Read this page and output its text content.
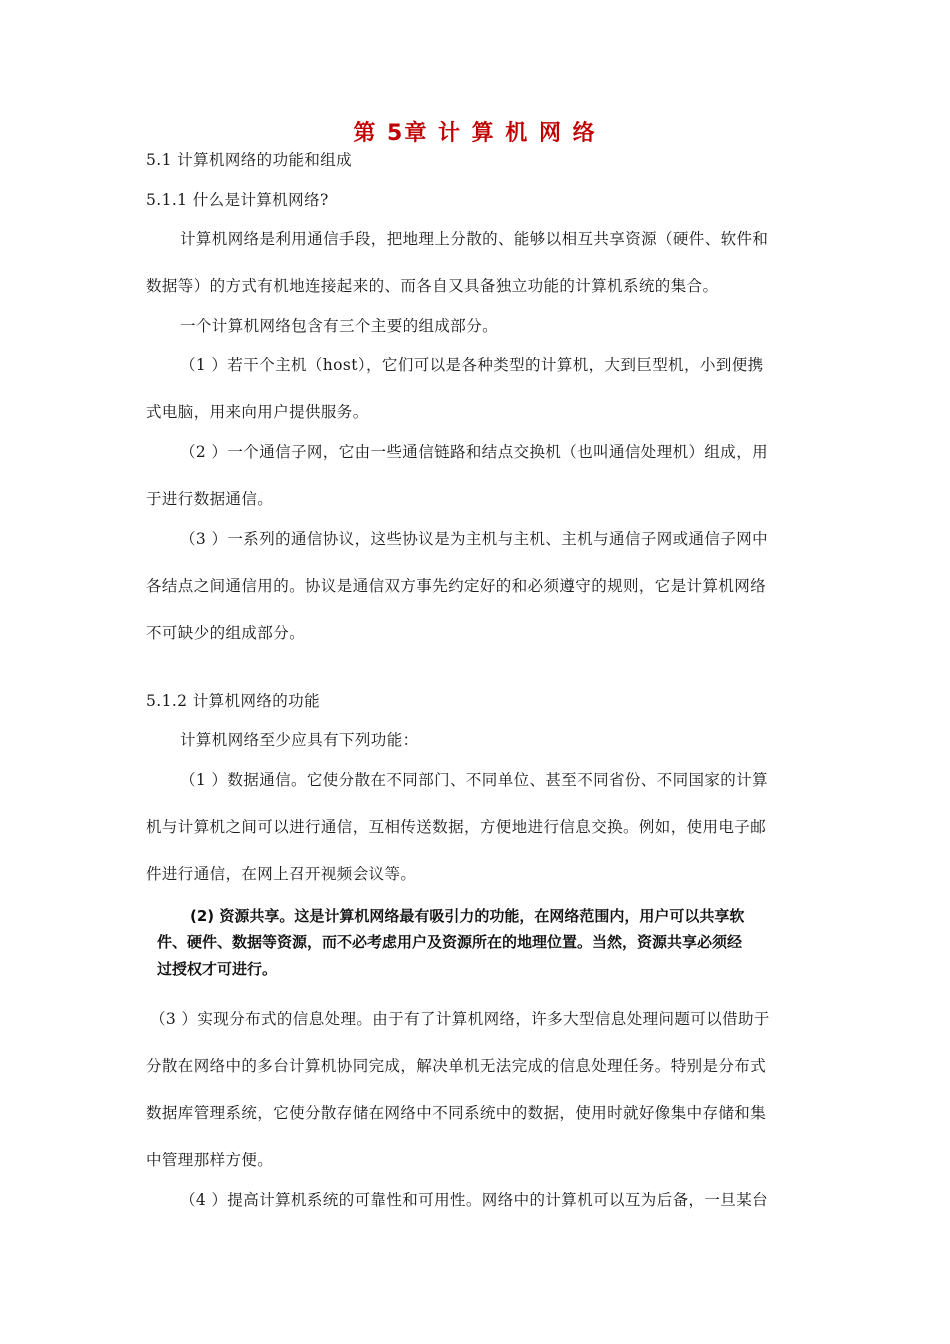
第 5章 计 算 机 网 络
5.1 计算机网络的功能和组成
5.1.1 什么是计算机网络?
计算机网络是利用通信手段，把地理上分散的、能够以相互共享资源（硬件、软件和
数据等）的方式有机地连接起来的、而各自又具备独立功能的计算机系统的集合。
一个计算机网络包含有三个主要的组成部分。
（1 ）若干个主机（host），它们可以是各种类型的计算机，大到巨型机，小到便携
式电脑，用来向用户提供服务。
（2 ）一个通信子网，它由一些通信链路和结点交换机（也叫通信处理机）组成，用
于进行数据通信。
（3 ）一系列的通信协议，这些协议是为主机与主机、主机与通信子网或通信子网中
各结点之间通信用的。协议是通信双方事先约定好的和必须遵守的规则，它是计算机网络
不可缺少的组成部分。
5.1.2 计算机网络的功能
计算机网络至少应具有下列功能：
（1 ）数据通信。它使分散在不同部门、不同单位、甚至不同省份、不同国家的计算
机与计算机之间可以进行通信，互相传送数据，方便地进行信息交换。例如，使用电子邮
件进行通信，在网上召开视频会议等。
(2) 资源共享。这是计算机网络最有吸引力的功能，在网络范围内，用户可以共享软
件、硬件、数据等资源，而不必考虑用户及资源所在的地理位置。当然，资源共享必须经
过授权才可进行。
（3 ）实现分布式的信息处理。由于有了计算机网络，许多大型信息处理问题可以借助于
分散在网络中的多台计算机协同完成，解决单机无法完成的信息处理任务。特别是分布式
数据库管理系统，它使分散存储在网络中不同系统中的数据，使用时就好像集中存储和集
中管理那样方便。
（4 ）提高计算机系统的可靠性和可用性。网络中的计算机可以互为后备，一旦某台
